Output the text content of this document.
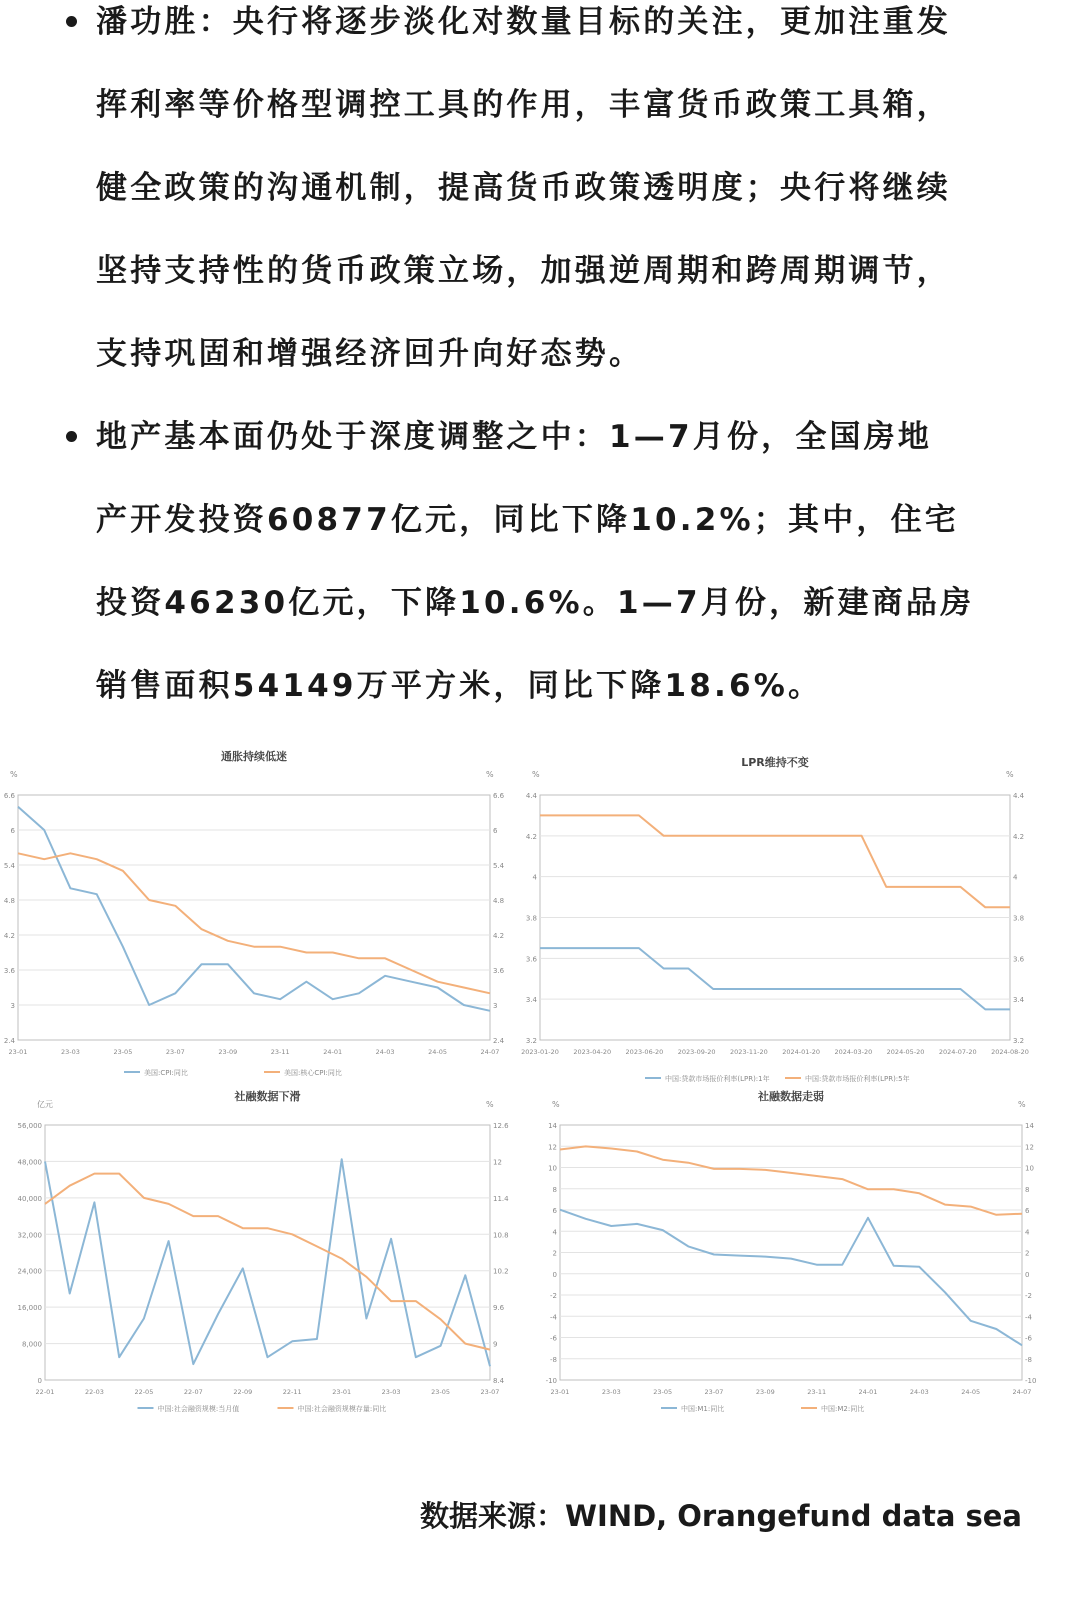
潘功胜：央行将逐步淡化对数量目标的关注，更加注重发
挥利率等价格型调控工具的作用，丰富货币政策工具箱，
健全政策的沟通机制，提高货币政策透明度；央行将继续
坚持支持性的货币政策立场，加强逆周期和跨周期调节，
支持巩固和增强经济回升向好态势。
地产基本面仍处于深度调整之中：1—7月份，全国房地
产开发投资60877亿元，同比下降10.2%；其中，住宅
投资46230亿元，下降10.6%。1—7月份，新建商品房
销售面积54149万平方米，同比下降18.6%。
通胀持续低迷
%	%
2.4	2.4
3	3
3.6	3.6
4.2	4.2
4.8	4.8
5.4	5.4
6	6
6.6	6.6
23-01	23-03	23-05	23-07	23-09	23-11	24-01	24-03	24-05	24-07
美国:CPI:同比	美国:核心CPI:同比
LPR维持不变
%	%
3.2	3.2
3.4	3.4
3.6	3.6
3.8	3.8
4	4
4.2	4.2
4.4	4.4
2023-01-20 2023-04-20 2023-06-20 2023-09-20 2023-11-20 2024-01-20 2024-03-20 2024-05-20 2024-07-20 2024-08-20
中国:贷款市场报价利率(LPR):1年	中国:贷款市场报价利率(LPR):5年
社融数据下滑
亿元	%
0	8.4
8,000	9
16,000	9.6
24,000	10.2
32,000	10.8
40,000	11.4
48,000	12
56,000	12.6
22-01	22-03	22-05	22-07	22-09	22-11	23-01	23-03	23-05	23-07
中国:社会融资规模:当月值	中国:社会融资规模存量:同比
社融数据走弱
%	%
-10	-10
-8	-8
-6	-6
-4	-4
-2	-2
0	0
2	2
4	4
6	6
8	8
10	10
12	12
14	14
23-01	23-03	23-05	23-07	23-09	23-11	24-01	24-03	24-05	24-07
中国:M1:同比	中国:M2:同比
数据来源：WIND, Orangefund data sea
